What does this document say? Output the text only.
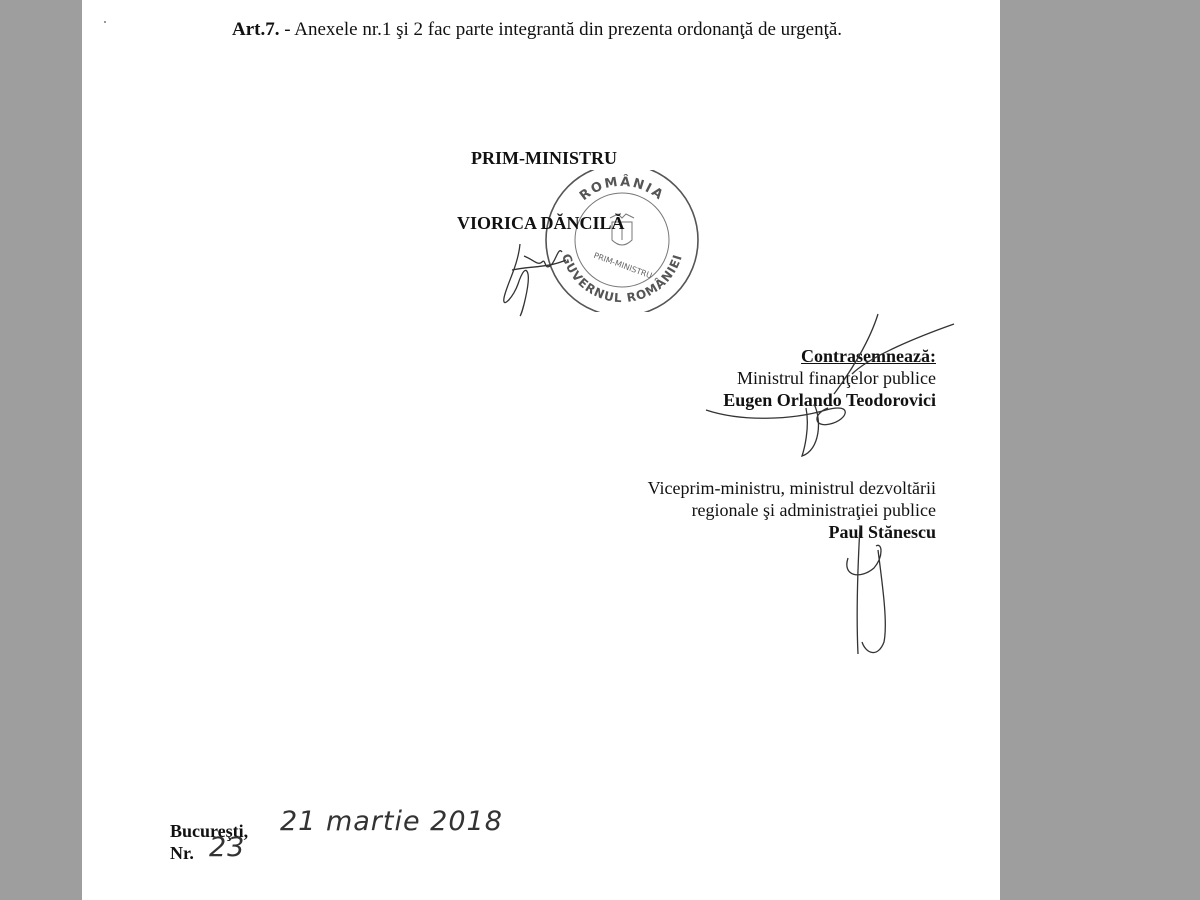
Art.7. - Anexele nr.1 şi 2 fac parte integrantă din prezenta ordonanţă de urgenţă.
ROMÂNIA
GUVERNUL ROMÂNIEI
PRIM-MINISTRU
PRIM-MINISTRU
VIORICA DĂNCILĂ
Contrasemnează:
Ministrul finanţelor publice
Eugen Orlando Teodorovici
Viceprim-ministru, ministrul dezvoltării
regionale şi administraţiei publice
Paul Stănescu
Bucureşti,
Nr.
21 martie 2018
23
